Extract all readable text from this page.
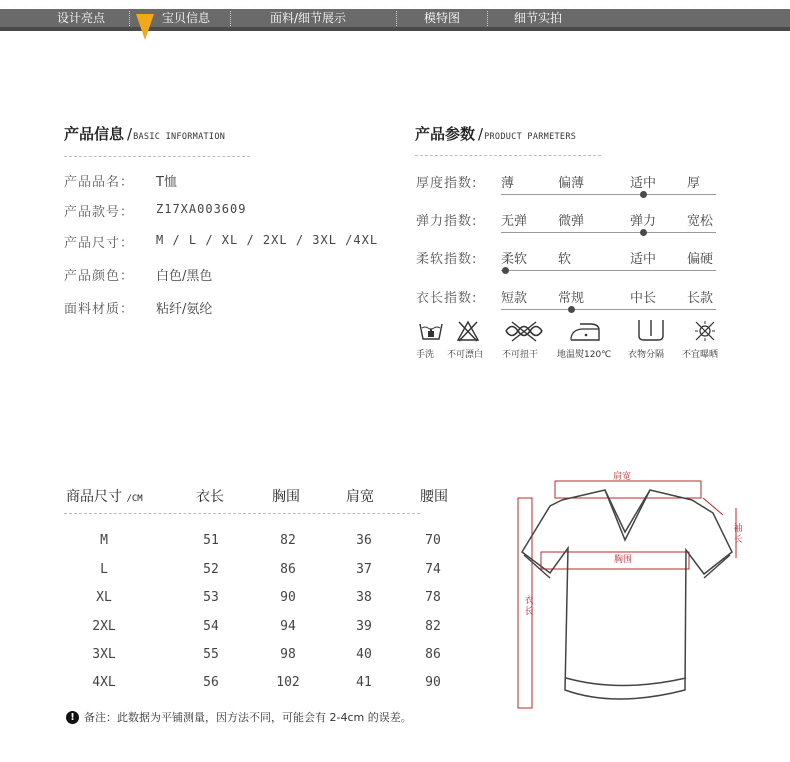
设计亮点	宝贝信息	面料/细节展示	模特图	细节实拍
产品信息 /BASIC INFORMATION
产品品名： T恤
产品款号： Z17XA003609
产品尺寸： M / L / XL / 2XL / 3XL /4XL
产品颜色： 白色/黑色
面料材质： 粘纤/氨纶
产品参数 /PRODUCT PARMETERS
厚度指数: 薄	偏薄	适中 厚
弹力指数: 无弹 微弹	弹力 宽松
柔软指数: 柔软 软	适中 偏硬
衣长指数: 短款 常规	中长 长款
手洗 不可漂白 不可扭干 地温熨120℃ 衣物分隔 不宜曝晒
商品尺寸 /CM	衣长	胸围	肩宽	腰围
M	51	82	36	70
L	52	86	37	74
XL	53	90	38	78
2XL	54	94	39	82
3XL	55	98	40	86
4XL	56	102	41	90
! 备注：此数据为平铺测量，因方法不同，可能会有 2-4cm 的误差。
肩宽
胸围
袖长
衣长
